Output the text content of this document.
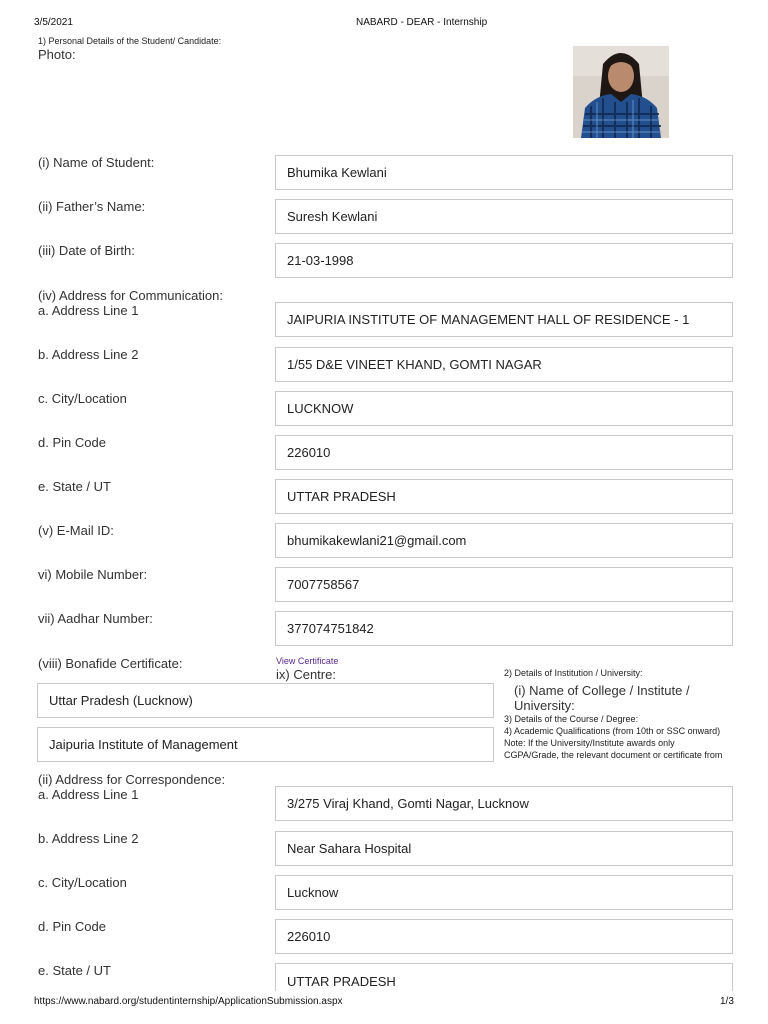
3/5/2021	NABARD - DEAR - Internship
1) Personal Details of the Student/ Candidate:
Photo:
(i) Name of Student:
Bhumika Kewlani
(ii) Father’s Name:
Suresh Kewlani
(iii) Date of Birth:
21-03-1998
(iv) Address for Communication:
a. Address Line 1
JAIPURIA INSTITUTE OF MANAGEMENT HALL OF RESIDENCE - 1
b. Address Line 2
1/55 D&E VINEET KHAND, GOMTI NAGAR
c. City/Location
LUCKNOW
d. Pin Code
226010
e. State / UT
UTTAR PRADESH
(v) E-Mail ID:
bhumikakewlani21@gmail.com
vi) Mobile Number:
7007758567
vii) Aadhar Number:
377074751842
(viii) Bonafide Certificate:	View Certificate
ix) Centre:	2) Details of Institution / University:
(i) Name of College / Institute /
University:
3) Details of the Course / Degree:
4) Academic Qualifications (from 10th or SSC onward)
Note: If the University/Institute awards only
CGPA/Grade, the relevant document or certificate from
Uttar Pradesh (Lucknow)
Jaipuria Institute of Management
(ii) Address for Correspondence:
a. Address Line 1
3/275 Viraj Khand, Gomti Nagar, Lucknow
b. Address Line 2
Near Sahara Hospital
c. City/Location
Lucknow
d. Pin Code
226010
e. State / UT
UTTAR PRADESH
https://www.nabard.org/studentinternship/ApplicationSubmission.aspx	1/3
